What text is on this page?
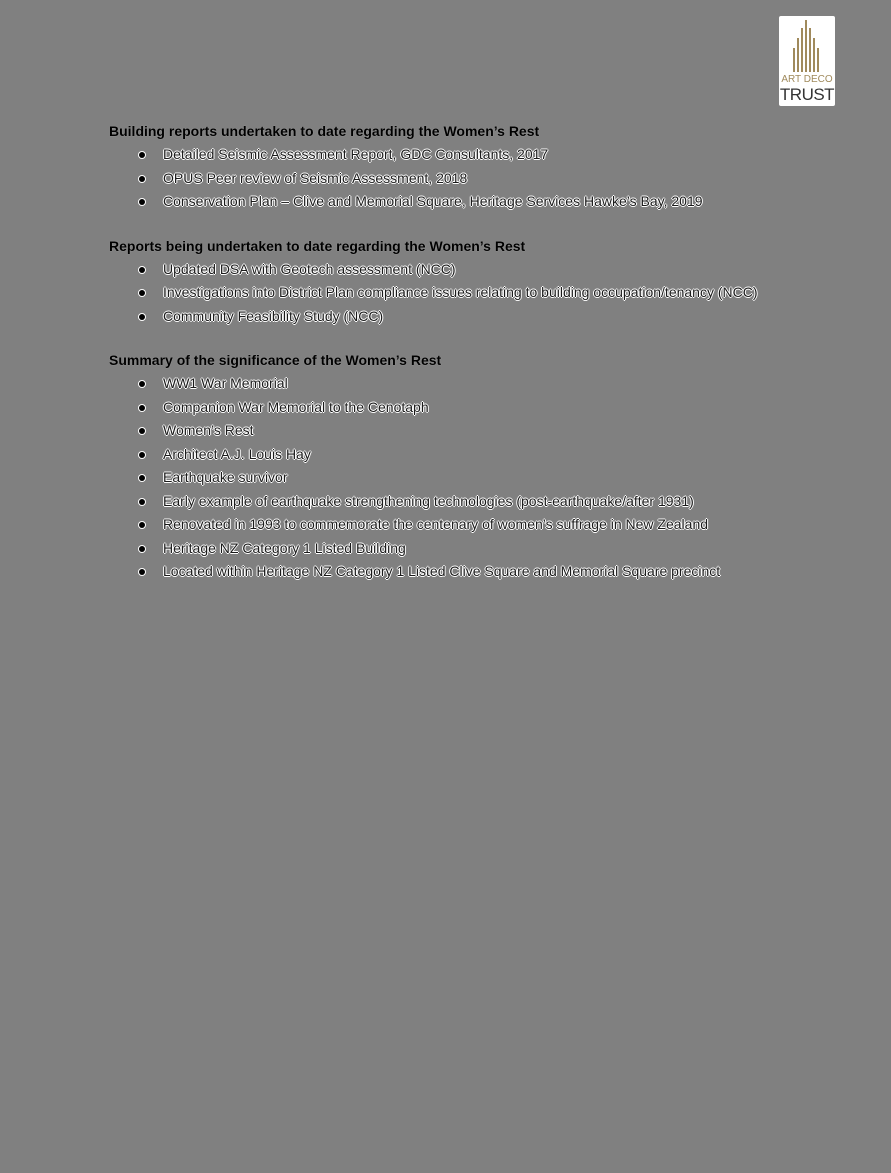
ART DECO
TRUST
Building reports undertaken to date regarding the Women’s Rest
Detailed Seismic Assessment Report, GDC Consultants, 2017
OPUS Peer review of Seismic Assessment, 2018
Conservation Plan – Clive and Memorial Square, Heritage Services Hawke’s Bay, 2019
Reports being undertaken to date regarding the Women’s Rest
Updated DSA with Geotech assessment (NCC)
Investigations into District Plan compliance issues relating to building occupation/tenancy (NCC)
Community Feasibility Study (NCC)
Summary of the significance of the Women’s Rest
WW1 War Memorial
Companion War Memorial to the Cenotaph
Women’s Rest
Architect A.J. Louis Hay
Earthquake survivor
Early example of earthquake strengthening technologies (post-earthquake/after 1931)
Renovated in 1993 to commemorate the centenary of women’s suffrage in New Zealand
Heritage NZ Category 1 Listed Building
Located within Heritage NZ Category 1 Listed Clive Square and Memorial Square precinct
